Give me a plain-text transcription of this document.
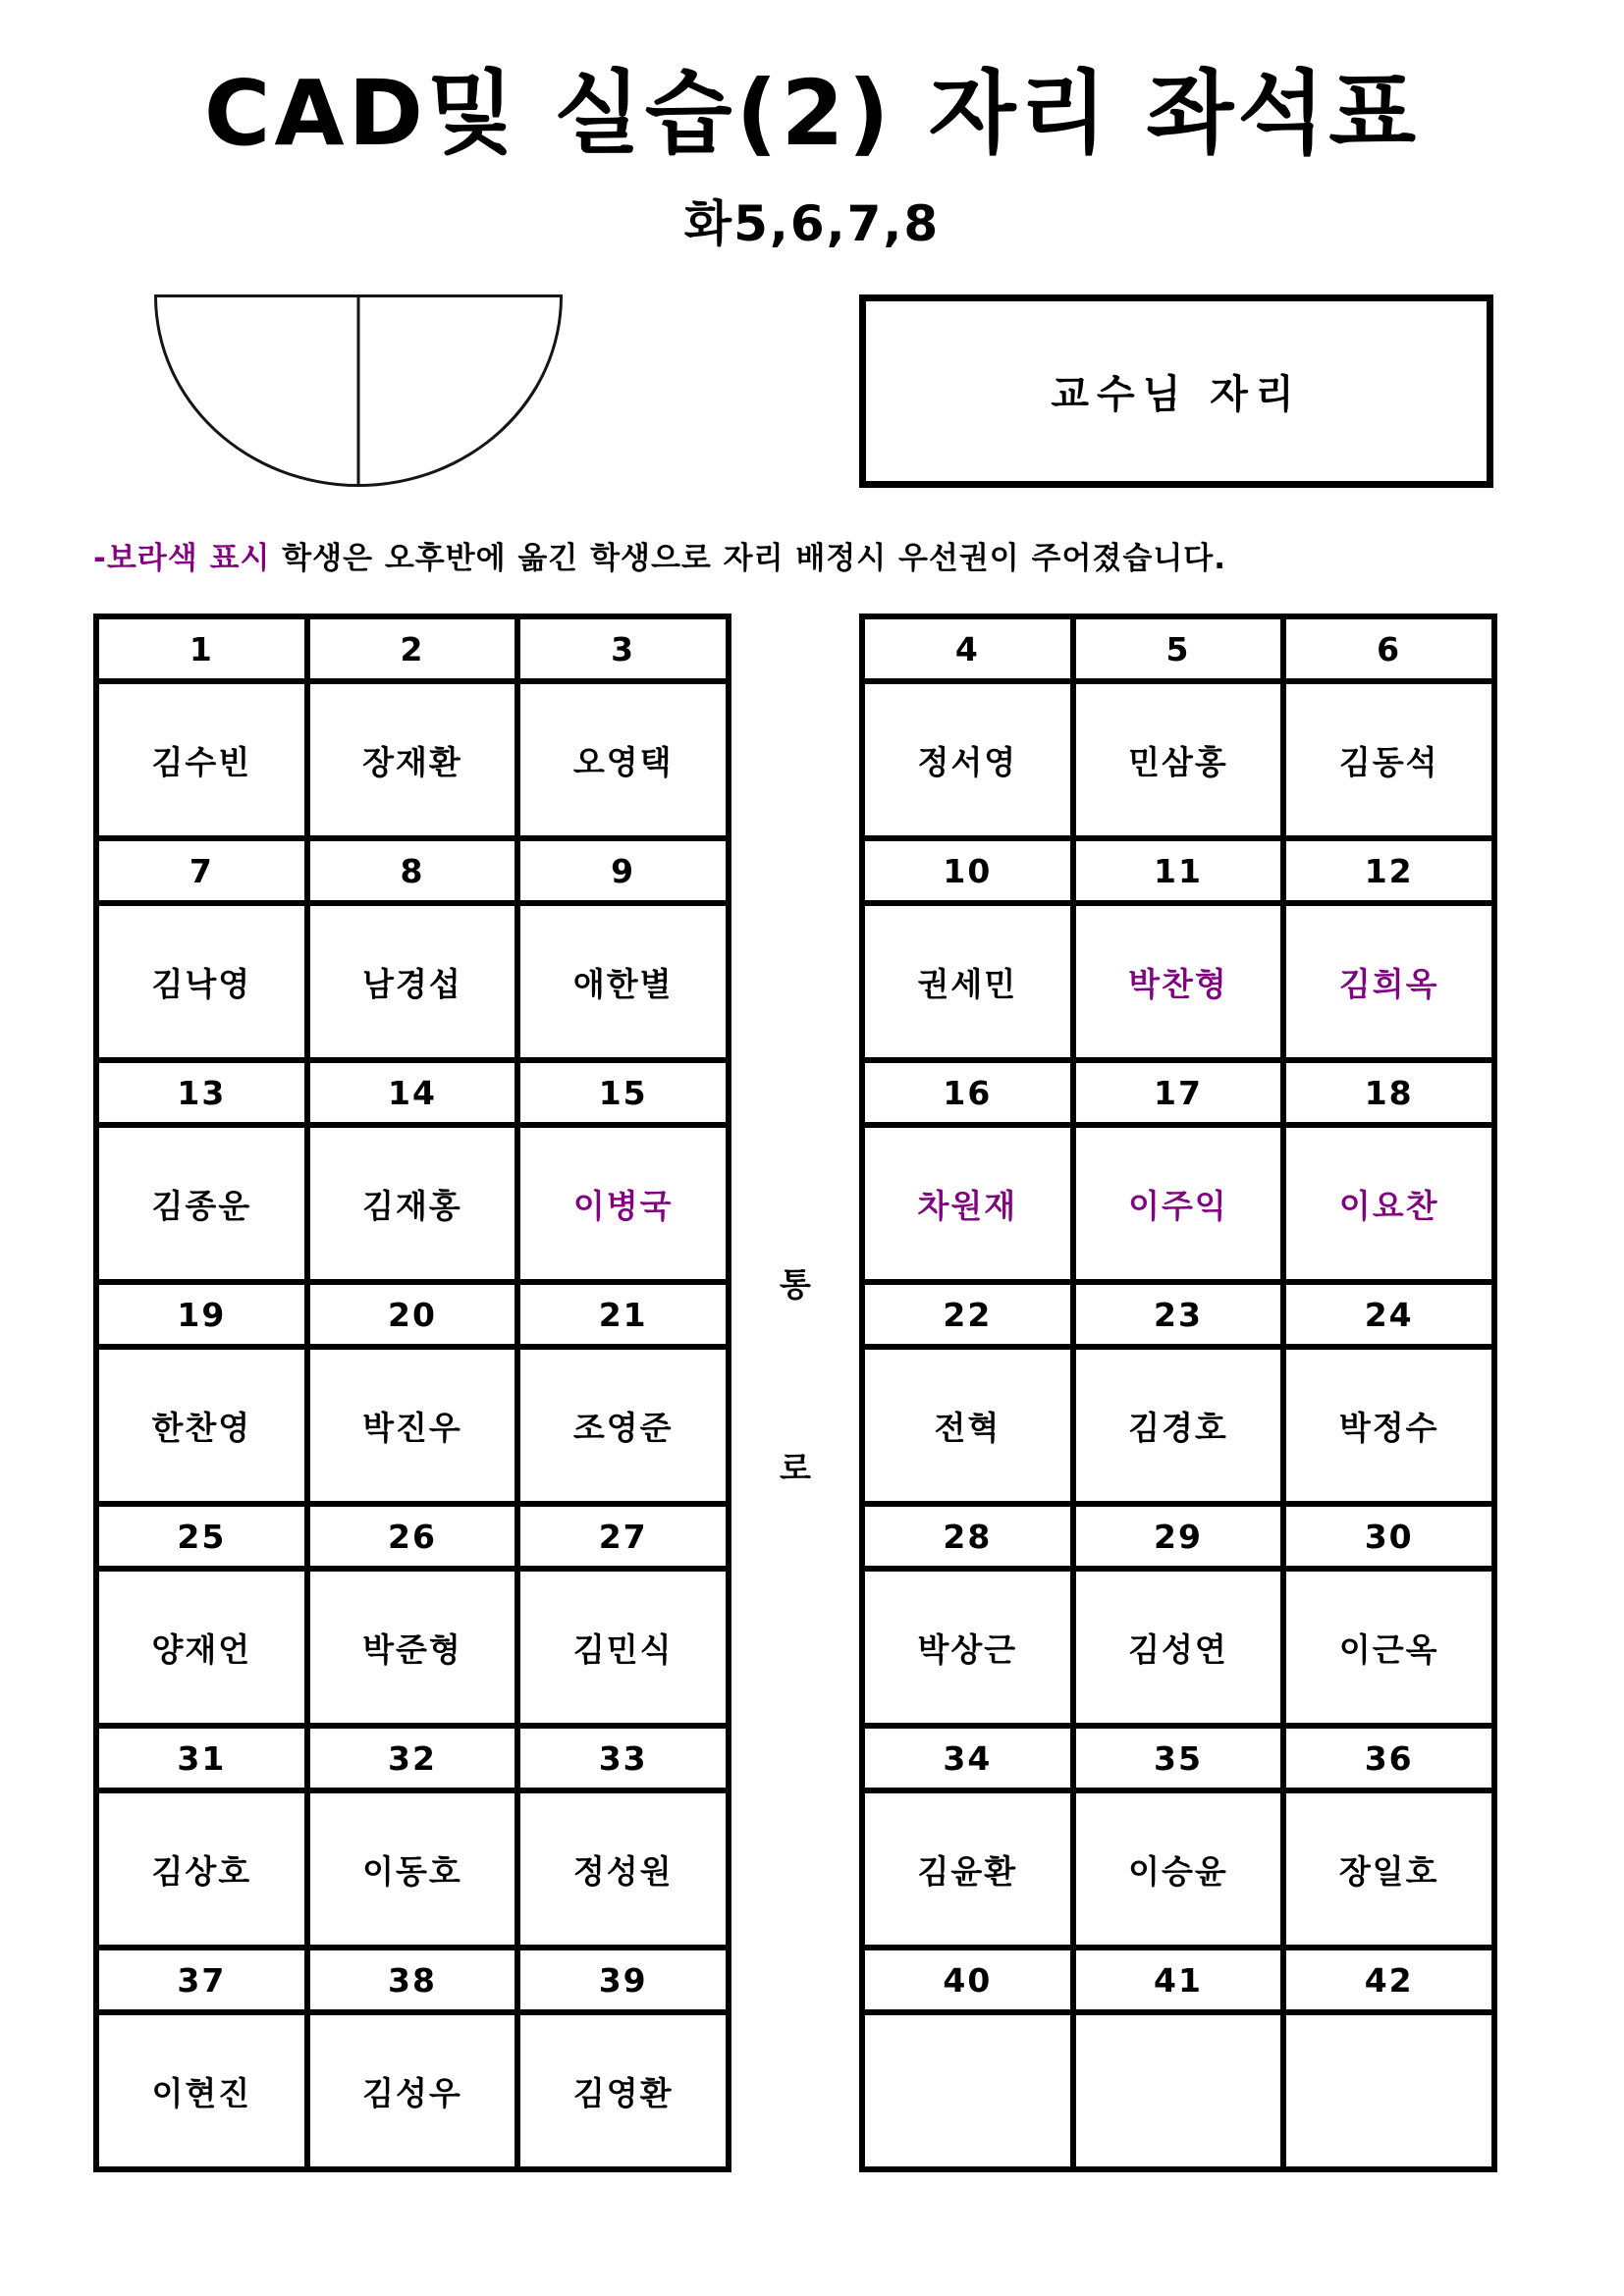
CAD및 실습(2) 자리 좌석표
화5,6,7,8
교수님 자리
-보라색 표시 학생은 오후반에 옮긴 학생으로 자리 배정시 우선권이 주어졌습니다.
1	2	3
김수빈	장재환	오영택
7	8	9
김낙영	남경섭	애한별
13	14	15
김종운	김재홍	이병국
19	20	21
한찬영	박진우	조영준
25	26	27
양재언	박준형	김민식
31	32	33
김상호	이동호	정성원
37	38	39
이현진	김성우	김영환
통
로
4	5	6
정서영	민삼홍	김동석
10	11	12
권세민	박찬형	김희옥
16	17	18
차원재	이주익	이요찬
22	23	24
전혁	김경호	박정수
28	29	30
박상근	김성연	이근옥
34	35	36
김윤환	이승윤	장일호
40	41	42
